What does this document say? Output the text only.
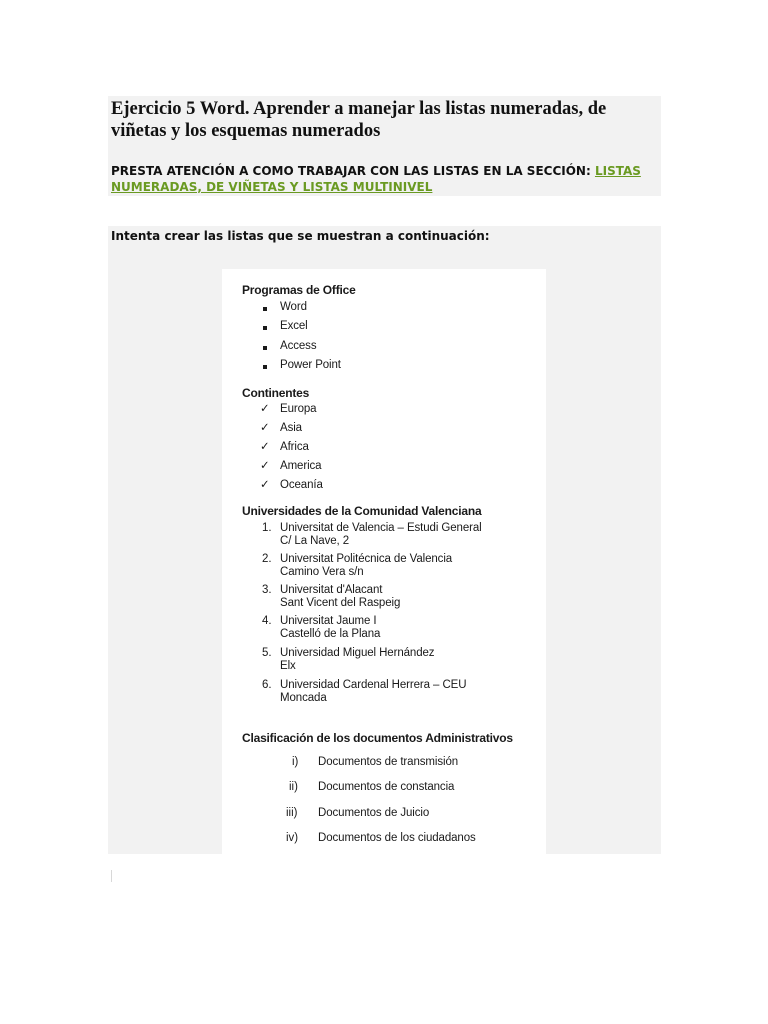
Ejercicio 5 Word. Aprender a manejar las listas numeradas, de viñetas y los esquemas numerados

PRESTA ATENCIÓN A COMO TRABAJAR CON LAS LISTAS EN LA SECCIÓN: LISTAS NUMERADAS, DE VIÑETAS Y LISTAS MULTINIVEL

Intenta crear las listas que se muestran a continuación:

Programas de Office

Word
Excel
Access
Power Point

Continentes

✓ Europa
✓ Asia
✓ Africa
✓ America
✓ Oceanía

Universidades de la Comunidad Valenciana

1. Universitat de Valencia – Estudi General
C/ La Nave, 2
2. Universitat Politécnica de Valencia
Camino Vera s/n
3. Universitat d'Alacant
Sant Vicent del Raspeig
4. Universitat Jaume I
Castelló de la Plana
5. Universidad Miguel Hernández
Elx
6. Universidad Cardenal Herrera – CEU
Moncada

Clasificación de los documentos Administrativos

i) Documentos de transmisión
ii) Documentos de constancia
iii) Documentos de Juicio
iv) Documentos de los ciudadanos
